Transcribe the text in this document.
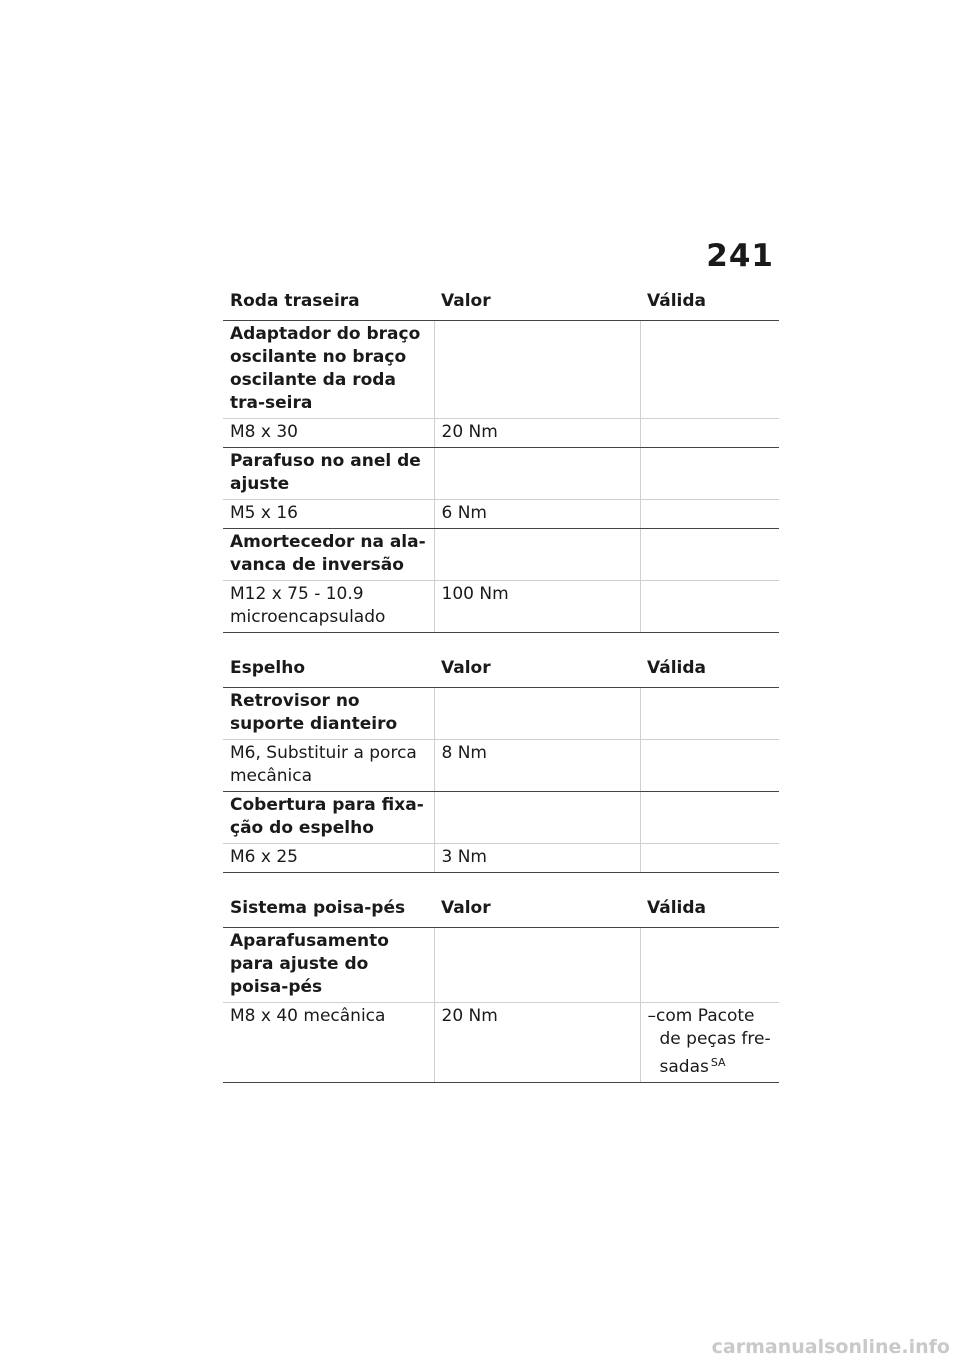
241
Roda traseira	Valor	Válida

Adaptador do braço oscilante no braço oscilante da roda tra-seira		

M8 x 30	20 Nm	
Parafuso no anel de ajuste		
M5 x 16	6 Nm	
Amortecedor na ala-vanca de inversão		
M12 x 75 - 10.9 microencapsulado	100 Nm	
Espelho	Valor	Válida
Retrovisor no suporte dianteiro		
M6, Substituir a porca mecânica	8 Nm	
Cobertura para fixa-ção do espelho		
M6 x 25	3 Nm	
Sistema poisa-pés	Valor	Válida
Aparafusamento para ajuste do poisa-pés		
M8 x 40 mecânica	20 Nm	–com Pacote de peças fre-sadas $^{SA}$
carmanualsonline.info
